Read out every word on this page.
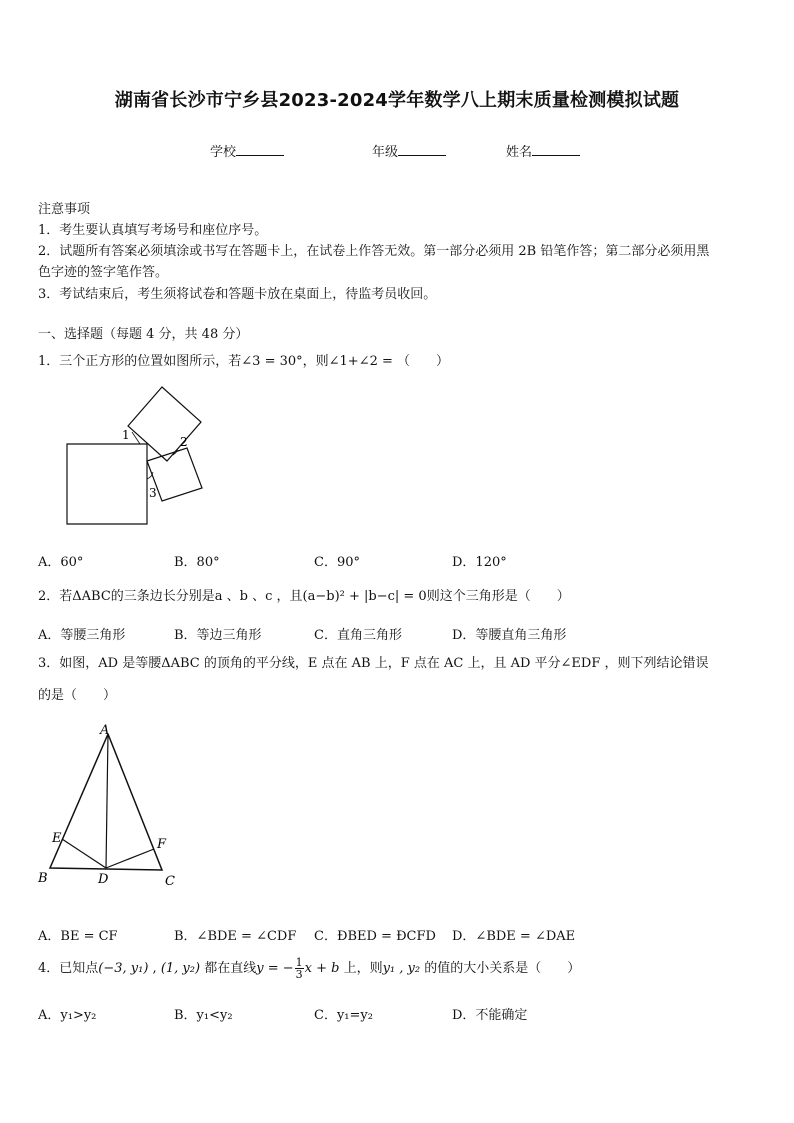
湖南省长沙市宁乡县2023-2024学年数学八上期末质量检测模拟试题
学校	年级	姓名
注意事项
1．考生要认真填写考场号和座位序号。
2．试题所有答案必须填涂或书写在答题卡上，在试卷上作答无效。第一部分必须用 2B 铅笔作答；第二部分必须用黑
色字迹的签字笔作答。
3．考试结束后，考生须将试卷和答题卡放在桌面上，待监考员收回。
一、选择题（每题 4 分，共 48 分）
1．三个正方形的位置如图所示，若∠3 = 30°，则∠1+∠2 = （　　）
1	2
3
A．60°	B．80°	C．90°	D．120°
2．若ΔABC的三条边长分别是a 、b 、c ，且(a−b)² + |b−c| = 0则这个三角形是（　　）
A．等腰三角形	B．等边三角形	C．直角三角形	D．等腰直角三角形
3．如图，AD 是等腰ΔABC 的顶角的平分线，E 点在 AB 上，F 点在 AC 上，且 AD 平分∠EDF ，则下列结论错误
的是（　　）
A
E	F
B	D	C
A．BE = CF	B．∠BDE = ∠CDF C．ÐBED = ÐCFD D．∠BDE = ∠DAE
4．已知点(−3, y₁) , (1, y₂) 都在直线y = − $\frac{1}{3}$ x + b 上，则y₁ , y₂ 的值的大小关系是（　　）
A．y₁>y₂	B．y₁<y₂	C．y₁=y₂	D．不能确定
